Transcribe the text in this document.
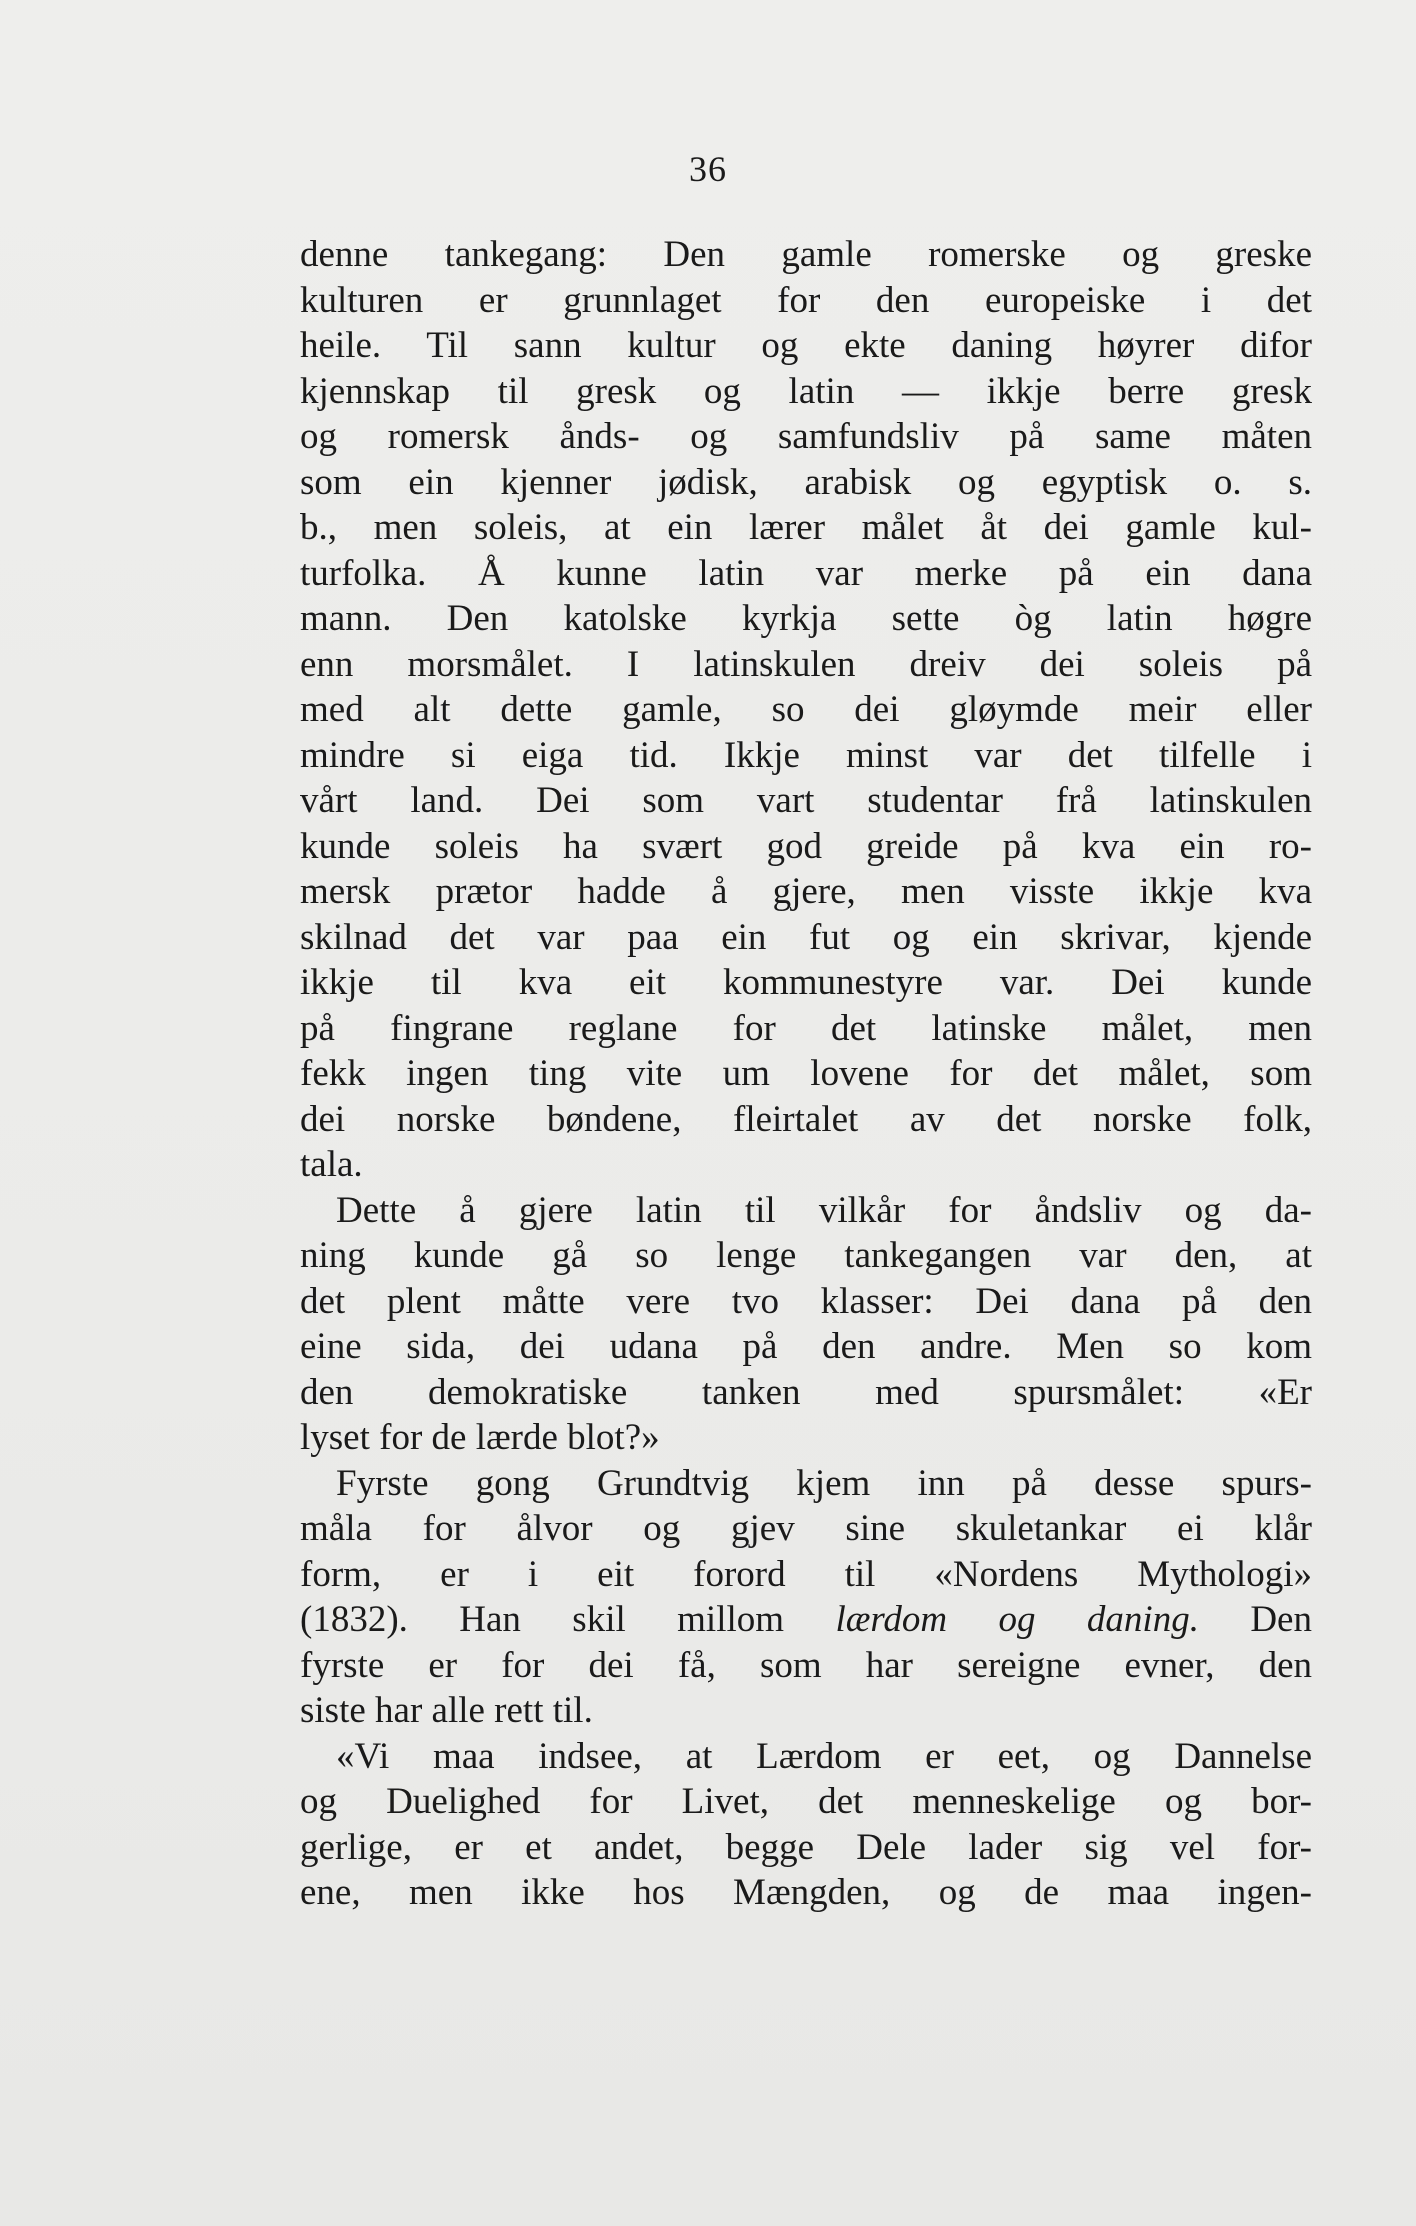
36
denne tankegang: Den gamle romerske og greske
kulturen er grunnlaget for den europeiske i det
heile. Til sann kultur og ekte daning høyrer difor
kjennskap til gresk og latin — ikkje berre gresk
og romersk ånds- og samfundsliv på same måten
som ein kjenner jødisk, arabisk og egyptisk o. s.
b., men soleis, at ein lærer målet åt dei gamle kul-
turfolka. Å kunne latin var merke på ein dana
mann. Den katolske kyrkja sette òg latin høgre
enn morsmålet. I latinskulen dreiv dei soleis på
med alt dette gamle, so dei gløymde meir eller
mindre si eiga tid. Ikkje minst var det tilfelle i
vårt land. Dei som vart studentar frå latinskulen
kunde soleis ha svært god greide på kva ein ro-
mersk prætor hadde å gjere, men visste ikkje kva
skilnad det var paa ein fut og ein skrivar, kjende
ikkje til kva eit kommunestyre var. Dei kunde
på fingrane reglane for det latinske målet, men
fekk ingen ting vite um lovene for det målet, som
dei norske bøndene, fleirtalet av det norske folk,
tala.
Dette å gjere latin til vilkår for åndsliv og da-
ning kunde gå so lenge tankegangen var den, at
det plent måtte vere tvo klasser: Dei dana på den
eine sida, dei udana på den andre. Men so kom
den demokratiske tanken med spursmålet: «Er
lyset for de lærde blot?»
Fyrste gong Grundtvig kjem inn på desse spurs-
måla for ålvor og gjev sine skuletankar ei klår
form, er i eit forord til «Nordens Mythologi»
(1832). Han skil millom lærdom og daning. Den
fyrste er for dei få, som har sereigne evner, den
siste har alle rett til.
«Vi maa indsee, at Lærdom er eet, og Dannelse
og Duelighed for Livet, det menneskelige og bor-
gerlige, er et andet, begge Dele lader sig vel for-
ene, men ikke hos Mængden, og de maa ingen-
